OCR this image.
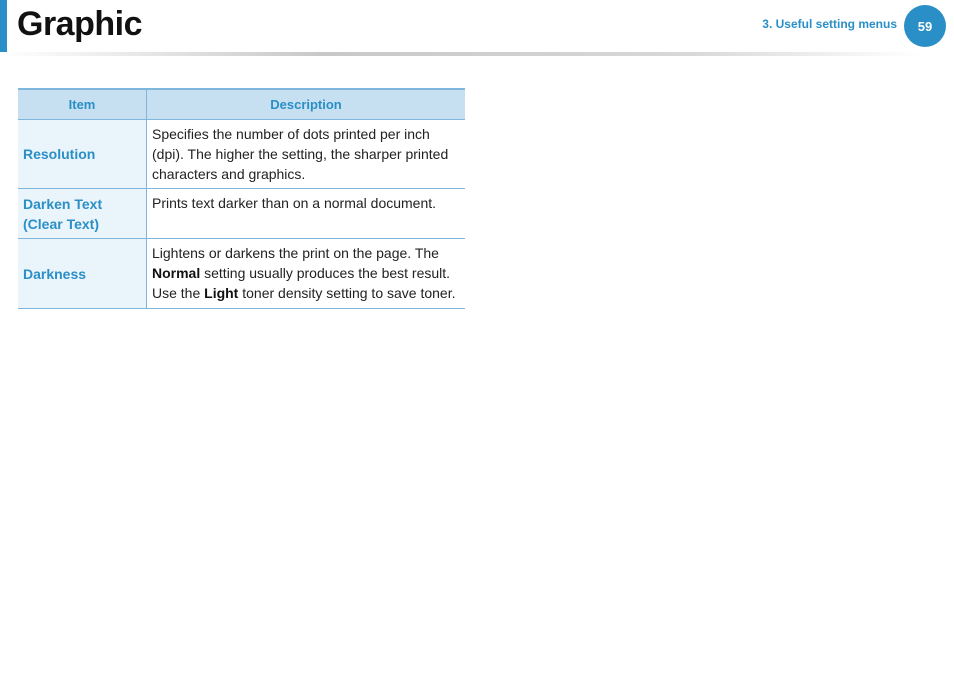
Graphic	3. Useful setting menus	59
Item	Description
Resolution	Specifies the number of dots printed per inch (dpi). The higher the setting, the sharper printed characters and graphics.
Darken Text (Clear Text)	Prints text darker than on a normal document.
Darkness	Lightens or darkens the print on the page. The Normal setting usually produces the best result. Use the Light toner density setting to save toner.
